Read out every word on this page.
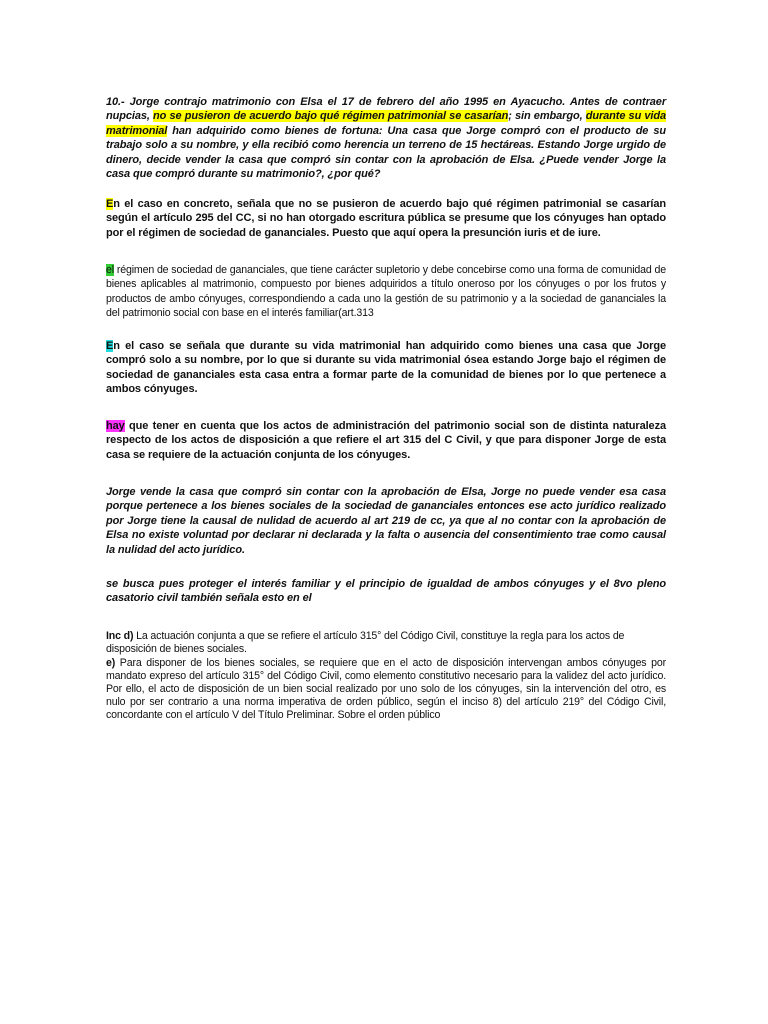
10.- Jorge contrajo matrimonio con Elsa el 17 de febrero del año 1995 en Ayacucho. Antes de contraer nupcias, no se pusieron de acuerdo bajo qué régimen patrimonial se casarían; sin embargo, durante su vida matrimonial han adquirido como bienes de fortuna: Una casa que Jorge compró con el producto de su trabajo solo a su nombre, y ella recibió como herencia un terreno de 15 hectáreas. Estando Jorge urgido de dinero, decide vender la casa que compró sin contar con la aprobación de Elsa. ¿Puede vender Jorge la casa que compró durante su matrimonio?, ¿por qué?

En el caso en concreto, señala que no se pusieron de acuerdo bajo qué régimen patrimonial se casarían según el artículo 295 del CC, si no han otorgado escritura pública se presume que los cónyuges han optado por el régimen de sociedad de gananciales. Puesto que aquí opera la presunción iuris et de iure.

el régimen de sociedad de gananciales, que tiene carácter supletorio y debe concebirse como una forma de comunidad de bienes aplicables al matrimonio, compuesto por bienes adquiridos a título oneroso por los cónyuges o por los frutos y productos de ambo cónyuges, correspondiendo a cada uno la gestión de su patrimonio y a la sociedad de gananciales la del patrimonio social con base en el interés familiar(art.313

En el caso se señala que durante su vida matrimonial han adquirido como bienes una casa que Jorge compró solo a su nombre, por lo que si durante su vida matrimonial ósea estando Jorge bajo el régimen de sociedad de gananciales esta casa entra a formar parte de la comunidad de bienes por lo que pertenece a ambos cónyuges.

hay que tener en cuenta que los actos de administración del patrimonio social son de distinta naturaleza respecto de los actos de disposición a que refiere el art 315 del C Civil, y que para disponer Jorge de esta casa se requiere de la actuación conjunta de los cónyuges.

Jorge vende la casa que compró sin contar con la aprobación de Elsa, Jorge no puede vender esa casa porque pertenece a los bienes sociales de la sociedad de gananciales entonces ese acto jurídico realizado por Jorge tiene la causal de nulidad de acuerdo al art 219 de cc, ya que al no contar con la aprobación de Elsa no existe voluntad por declarar ni declarada y la falta o ausencia del consentimiento trae como causal la nulidad del acto jurídico.

se busca pues proteger el interés familiar y el principio de igualdad de ambos cónyuges y el 8vo pleno casatorio civil también señala esto en el

Inc d) La actuación conjunta a que se refiere el artículo 315° del Código Civil, constituye la regla para los actos de disposición de bienes sociales.

e) Para disponer de los bienes sociales, se requiere que en el acto de disposición intervengan ambos cónyuges por mandato expreso del artículo 315° del Código Civil, como elemento constitutivo necesario para la validez del acto jurídico. Por ello, el acto de disposición de un bien social realizado por uno solo de los cónyuges, sin la intervención del otro, es nulo por ser contrario a una norma imperativa de orden público, según el inciso 8) del artículo 219° del Código Civil, concordante con el artículo V del Título Preliminar. Sobre el orden público
